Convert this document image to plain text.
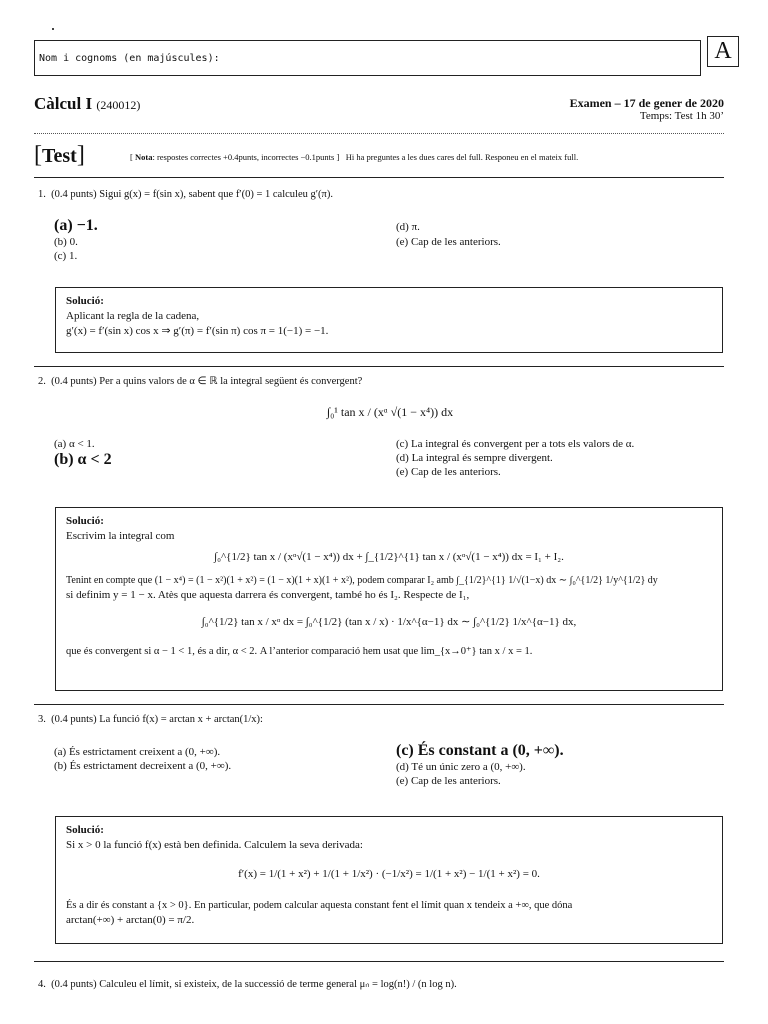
Nom i cognoms (en majúscules):	A
Càlcul I (240012)	Examen – 17 de gener de 2020
Temps: Test 1h 30’
[Test]	[ Nota: respostes correctes +0.4punts, incorrectes −0.1punts ]   Hi ha preguntes a les dues cares del full. Responeu en el mateix full.
1. (0.4 punts) Sigui g(x) = f(sin x), sabent que f′(0) = 1 calculeu g′(π).
(a) −1.
(b) 0.
(c) 1.
(d) π.
(e) Cap de les anteriors.
Solució:
Aplicant la regla de la cadena,
g′(x) = f′(sin x) cos x ⇒ g′(π) = f′(sin π) cos π = 1(−1) = −1.
2. (0.4 punts) Per a quins valors de α ∈ ℝ la integral següent és convergent?
∫₀¹ tan x / (xᵅ √(1 − x⁴)) dx
(a) α < 1.
(b) α < 2
(c) La integral és convergent per a tots els valors de α.
(d) La integral és sempre divergent.
(e) Cap de les anteriors.
Solució:
Escrivim la integral com
∫₀^{1/2} tan x / (xᵅ√(1 − x⁴)) dx + ∫_{1/2}^{1} tan x / (xᵅ√(1 − x⁴)) dx = I₁ + I₂.
Tenint en compte que (1 − x⁴) = (1 − x²)(1 + x²) = (1 − x)(1 + x)(1 + x²), podem comparar I₂ amb ∫_{1/2}^{1} 1/√(1−x) dx ∼ ∫₀^{1/2} 1/y^{1/2} dy
si definim y = 1 − x. Atès que aquesta darrera és convergent, també ho és I₂. Respecte de I₁,
∫₀^{1/2} tan x / xᵅ dx = ∫₀^{1/2} (tan x / x) · 1/x^{α−1} dx ∼ ∫₀^{1/2} 1/x^{α−1} dx,
que és convergent si α − 1 < 1, és a dir, α < 2. A l’anterior comparació hem usat que lim_{x→0⁺} tan x / x = 1.
3. (0.4 punts) La funció f(x) = arctan x + arctan(1/x):
(a) És estrictament creixent a (0, +∞).
(b) És estrictament decreixent a (0, +∞).
(c) És constant a (0, +∞).
(d) Té un únic zero a (0, +∞).
(e) Cap de les anteriors.
Solució:
Si x > 0 la funció f(x) està ben definida. Calculem la seva derivada:
f′(x) = 1/(1 + x²) + 1/(1 + 1/x²) · (−1/x²) = 1/(1 + x²) − 1/(1 + x²) = 0.
És a dir és constant a {x > 0}. En particular, podem calcular aquesta constant fent el límit quan x tendeix a +∞, que dóna
arctan(+∞) + arctan(0) = π/2.
4. (0.4 punts) Calculeu el límit, si existeix, de la successió de terme general μₙ = log(n!) / (n log n).
